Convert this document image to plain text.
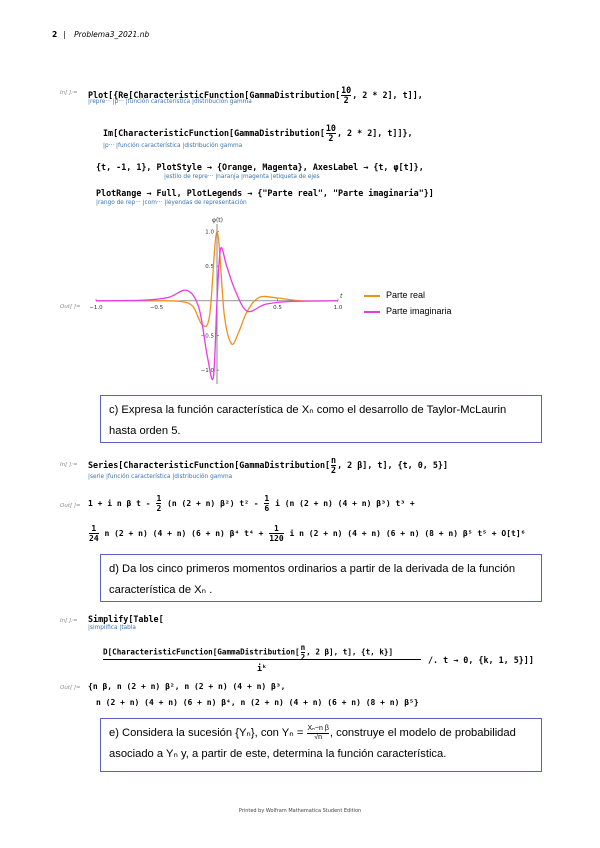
2 | Problema3_2021.nb
In[ ]:= Plot[{Re[CharacteristicFunction[GammaDistribution[ $\frac{10}{2}$ , 2 * 2], t]],
|repre··· |p··· |función característica |distribución gamma
Im[CharacteristicFunction[GammaDistribution[ $\frac{10}{2}$ , 2 * 2], t]]},
|p··· |función característica |distribución gamma
{t, -1, 1}, PlotStyle → {Orange, Magenta}, AxesLabel → {t, φ[t]},
|estilo de repre··· |naranja |magenta |etiqueta de ejes
PlotRange → Full, PlotLegends → {"Parte real", "Parte imaginaria"}]
|rango de rep··· |com··· |leyendas de representación
Out[ ]=
t
φ(t)
−1.0	−0.5	0.5	1.0
1.0
0.5
−0.5
−1.0
Parte real
Parte imaginaria
c) Expresa la función característica de Xₙ como el desarrollo de Taylor-McLaurin hasta orden 5.
In[ ]:= Series[CharacteristicFunction[GammaDistribution[ $\frac{n}{2}$ , 2 β], t], {t, 0, 5}]
|serie |función característica |distribución gamma
Out[ ]= 1 + i n β t - $\frac{1}{2} (n$ (2 + n) β²) $t^2 - \frac{1}{6}$ i (n (2 + n) (4 + n) β³) t³ +
$\frac{1}{24}$ n (2 + n) (4 + n) (6 + n) β⁴ $t^4 + \frac{1}{120}$ i n (2 + n) (4 + n) (6 + n) (8 + n) β⁵ t⁵ + O[t]⁶
d) Da los cinco primeros momentos ordinarios a partir de la derivada de la función característica de Xₙ .
In[ ]:= Simplify[Table[
|simplifica |tabla
D[CharacteristicFunction[GammaDistribution[ $\frac{n}{2}$ , 2 β], t], {t, k}]
iᵏ
/. t → 0, {k, 1, 5}]]
Out[ ]= {n β, n (2 + n) β², n (2 + n) (4 + n) β³,
n (2 + n) (4 + n) (6 + n) β⁴, n (2 + n) (4 + n) (6 + n) (8 + n) β⁵}
e) Considera la sucesión {Yₙ}, con $Y_n = \frac{\text{Xₙ−n β}}{√n}$ , construye el modelo de probabilidad asociado a Yₙ y, a partir de este, determina la función característica.
Printed by Wolfram Mathematica Student Edition
